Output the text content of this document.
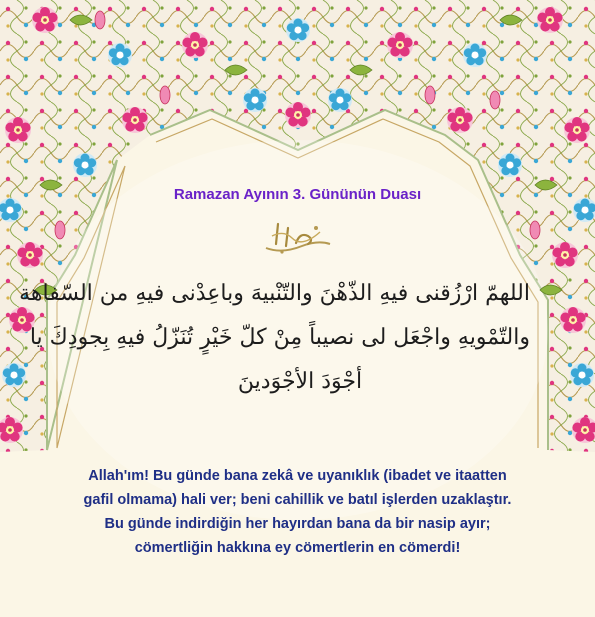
Ramazan Ayının 3. Gününün Duası
اللهمّ ارْزُقنى فيهِ الذّهْنَ والتّنْبيهَ وباعِدْنى فيهِ من السّفاهة
والتّمْويهِ واجْعَل لى نصيباً مِنْ كلّ خَيْرٍ تُنَزّلُ فيهِ بِجودِكَ يا
أجْوَدَ الأجْوَدينَ
Allah'ım! Bu günde bana zekâ ve uyanıklık (ibadet ve itaatten
gafil olmama) hali ver; beni cahillik ve batıl işlerden uzaklaştır.
Bu günde indirdiğin her hayırdan bana da bir nasip ayır;
cömertliğin hakkına ey cömertlerin en cömerdi!
